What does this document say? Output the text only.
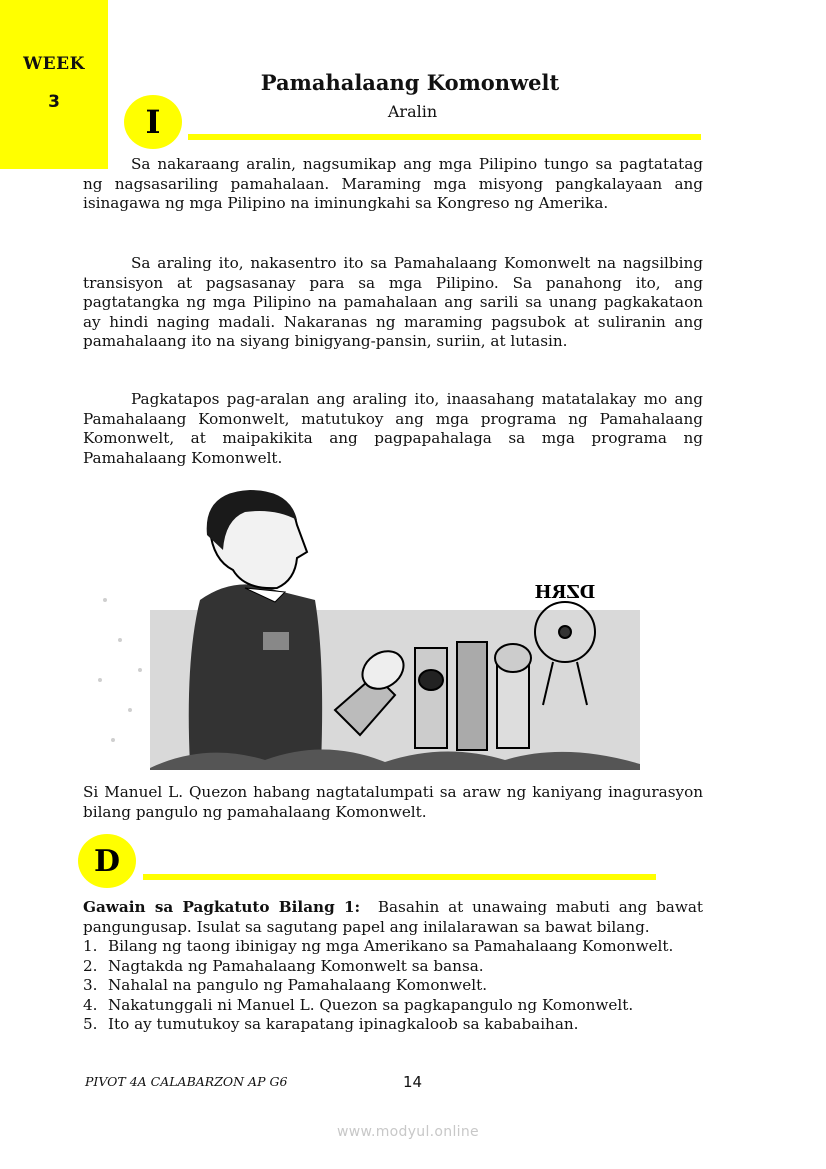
WEEK
3
Pamahalaang Komonwelt
Aralin
I
Sa nakaraang aralin, nagsumikap ang mga Pilipino tungo sa pagtatatag ng nagsasariling pamahalaan. Maraming mga misyong pangkalayaan ang isinagawa ng mga Pilipino na iminungkahi sa Kongreso ng Amerika.
Sa araling ito, nakasentro ito sa Pamahalaang Komonwelt na nagsilbing transisyon at pagsasanay para sa mga Pilipino. Sa panahong ito, ang pagtatangka ng mga Pilipino na pamahalaan ang sarili sa unang pagkakataon ay hindi naging madali. Nakaranas ng maraming pagsubok at suliranin ang pamahalaang ito na siyang binigyang-pansin, suriin, at lutasin.
Pagkatapos pag-aralan ang araling ito, inaasahang matatalakay mo ang Pamahalaang Komonwelt, matutukoy ang mga programa ng Pamahalaang Komonwelt, at maipakikita ang pagpapahalaga sa mga programa ng Pamahalaang Komonwelt.
DZRH
Si Manuel L. Quezon habang nagtatalumpati sa araw ng kaniyang inagurasyon bilang pangulo ng pamahalaang Komonwelt.
D
Gawain sa Pagkatuto Bilang 1: Basahin at unawaing mabuti ang bawat pangungusap. Isulat sa sagutang papel ang inilalarawan sa bawat bilang.
1. Bilang ng taong ibinigay ng mga Amerikano sa Pamahalaang Komonwelt.
2. Nagtakda ng Pamahalaang Komonwelt sa bansa.
3. Nahalal na pangulo ng Pamahalaang Komonwelt.
4. Nakatunggali ni Manuel L. Quezon sa pagkapangulo ng Komonwelt.
5. Ito ay tumutukoy sa karapatang ipinagkaloob sa kababaihan.
PIVOT 4A CALABARZON AP G6	14
www.modyul.online
